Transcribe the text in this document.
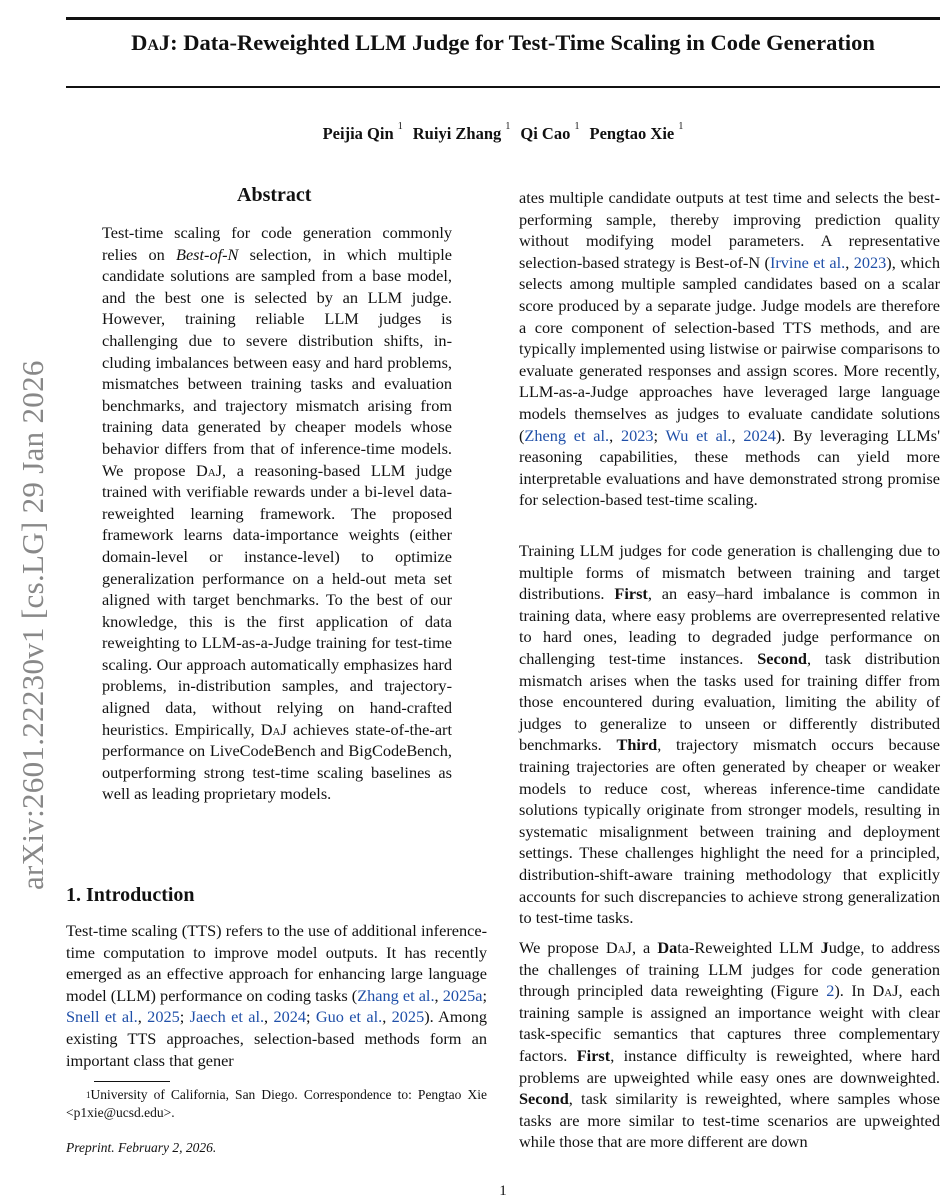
arXiv:2601.22230v1 [cs.LG] 29 Jan 2026
DaJ: Data-Reweighted LLM Judge for Test-Time Scaling in Code Generation
Peijia Qin $^1$ Ruiyi Zhang $^1$ Qi Cao $^1$ Pengtao Xie $^1$
Abstract
Test-time scaling for code generation commonly relies on Best-of-N selection, in which multiple candidate solutions are sampled from a base model, and the best one is selected by an LLM judge. However, training reliable LLM judges is challenging due to severe distribution shifts, including imbalances between easy and hard problems, mismatches between training tasks and evaluation benchmarks, and trajectory mismatch arising from training data generated by cheaper models whose behavior differs from that of inference-time models. We propose DaJ, a reasoning-based LLM judge trained with verifiable rewards under a bi-level data-reweighted learning framework. The proposed framework learns data-importance weights (either domain-level or instance-level) to optimize generalization performance on a held-out meta set aligned with target benchmarks. To the best of our knowledge, this is the first application of data reweighting to LLM-as-a-Judge training for test-time scaling. Our approach automatically emphasizes hard problems, in-distribution samples, and trajectory-aligned data, without relying on hand-crafted heuristics. Empirically, DaJ achieves state-of-the-art performance on LiveCodeBench and BigCodeBench, outperforming strong test-time scaling baselines as well as leading proprietary models.
1. Introduction
Test-time scaling (TTS) refers to the use of additional inference-time computation to improve model outputs. It has recently emerged as an effective approach for enhancing large language model (LLM) performance on coding tasks (Zhang et al., 2025a; Snell et al., 2025; Jaech et al., 2024; Guo et al., 2025). Among existing TTS approaches, selection-based methods form an important class that gener
ates multiple candidate outputs at test time and selects the best-performing sample, thereby improving prediction quality without modifying model parameters. A representative selection-based strategy is Best-of-N (Irvine et al., 2023), which selects among multiple sampled candidates based on a scalar score produced by a separate judge. Judge models are therefore a core component of selection-based TTS methods, and are typically implemented using listwise or pairwise comparisons to evaluate generated responses and assign scores. More recently, LLM-as-a-Judge approaches have leveraged large language models themselves as judges to evaluate candidate solutions (Zheng et al., 2023; Wu et al., 2024). By leveraging LLMs' reasoning capabilities, these methods can yield more interpretable evaluations and have demonstrated strong promise for selection-based test-time scaling.
Training LLM judges for code generation is challenging due to multiple forms of mismatch between training and target distributions. First, an easy–hard imbalance is common in training data, where easy problems are overrepresented relative to hard ones, leading to degraded judge performance on challenging test-time instances. Second, task distribution mismatch arises when the tasks used for training differ from those encountered during evaluation, limiting the ability of judges to generalize to unseen or differently distributed benchmarks. Third, trajectory mismatch occurs because training trajectories are often generated by cheaper or weaker models to reduce cost, whereas inference-time candidate solutions typically originate from stronger models, resulting in systematic misalignment between training and deployment settings. These challenges highlight the need for a principled, distribution-shift-aware training methodology that explicitly accounts for such discrepancies to achieve strong generalization to test-time tasks.
We propose DaJ, a Data-Reweighted LLM Judge, to address the challenges of training LLM judges for code generation through principled data reweighting (Figure 2). In DaJ, each training sample is assigned an importance weight with clear task-specific semantics that captures three complementary factors. First, instance difficulty is reweighted, where hard problems are upweighted while easy ones are downweighted. Second, task similarity is reweighted, where samples whose tasks are more similar to test-time scenarios are upweighted while those that are more different are down
$^1$University of California, San Diego. Correspondence to: Pengtao Xie <p1xie@ucsd.edu>.
Preprint. February 2, 2026.
1
